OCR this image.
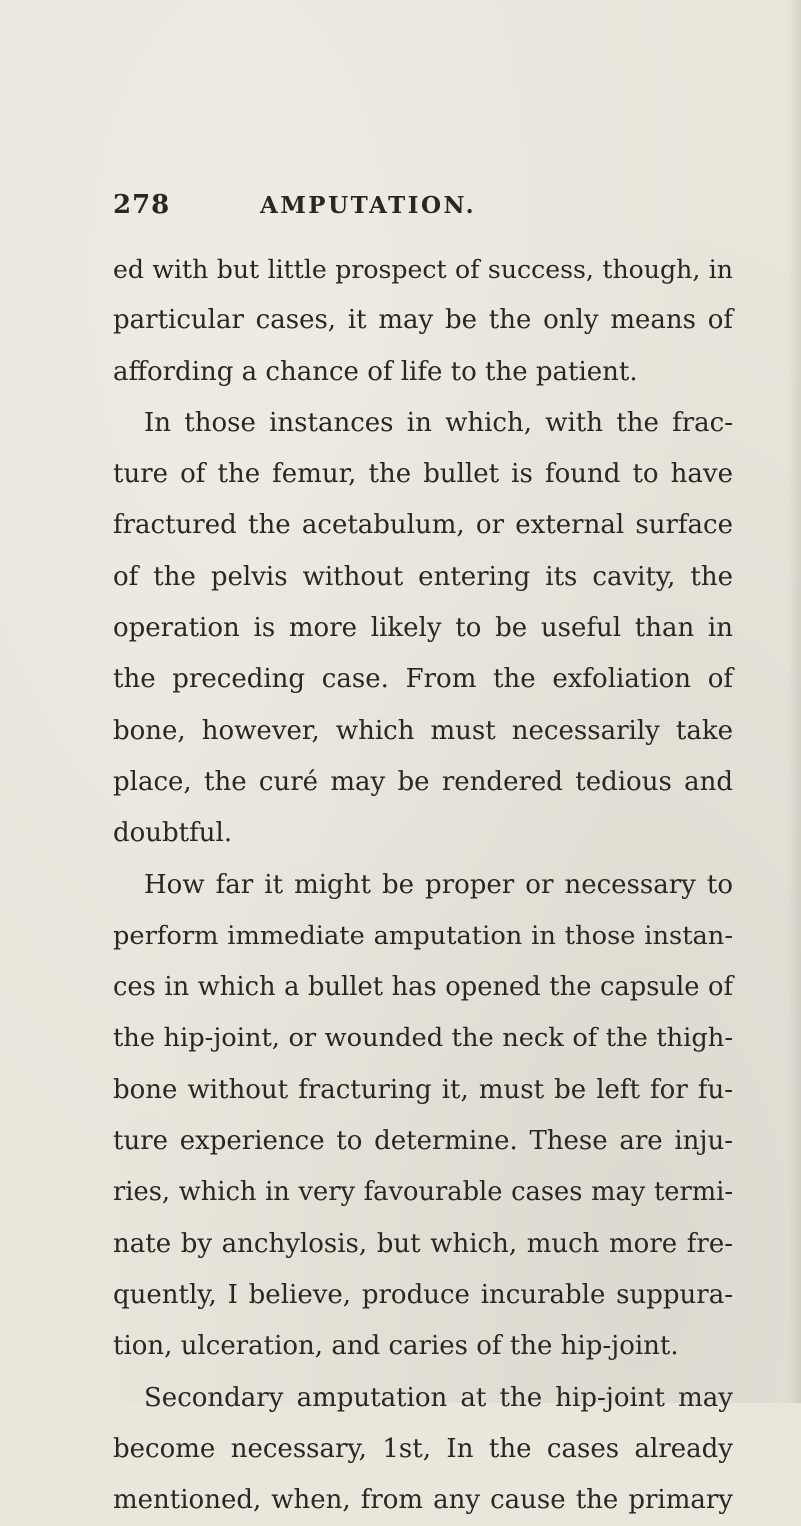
278	AMPUTATION.
ed with but little prospect of success, though, in
particular cases, it may be the only means of
affording a chance of life to the patient.
In those instances in which, with the frac-
ture of the femur, the bullet is found to have
fractured the acetabulum, or external surface
of the pelvis without entering its cavity, the
operation is more likely to be useful than in
the preceding case. From the exfoliation of
bone, however, which must necessarily take
place, the curé may be rendered tedious and
doubtful.
How far it might be proper or necessary to
perform immediate amputation in those instan-
ces in which a bullet has opened the capsule of
the hip-joint, or wounded the neck of the thigh-
bone without fracturing it, must be left for fu-
ture experience to determine. These are inju-
ries, which in very favourable cases may termi-
nate by anchylosis, but which, much more fre-
quently, I believe, produce incurable suppura-
tion, ulceration, and caries of the hip-joint.
Secondary amputation at the hip-joint may
become necessary, 1st, In the cases already
mentioned, when, from any cause the primary
